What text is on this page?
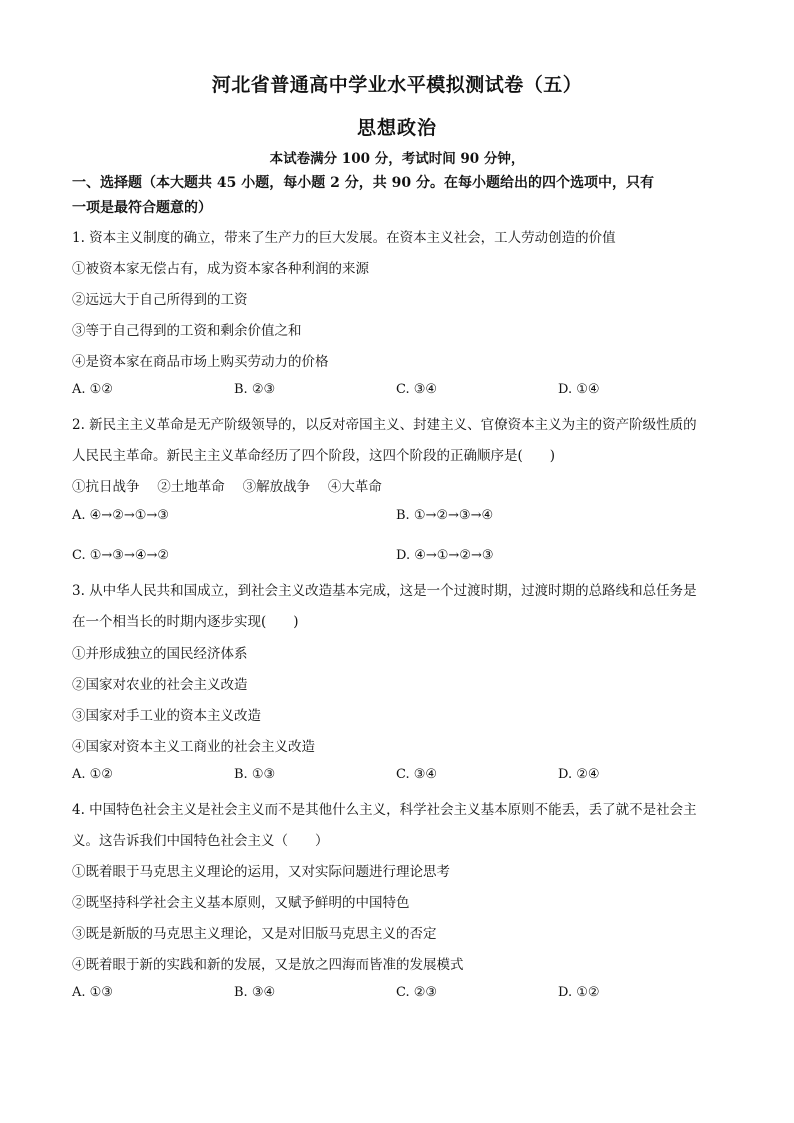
河北省普通高中学业水平模拟测试卷（五）
思想政治
本试卷满分 100 分，考试时间 90 分钟，
一、选择题（本大题共 45 小题，每小题 2 分，共 90 分。在每小题给出的四个选项中，只有
一项是最符合题意的）
1. 资本主义制度的确立，带来了生产力的巨大发展。在资本主义社会，工人劳动创造的价值
①被资本家无偿占有，成为资本家各种利润的来源
②远远大于自己所得到的工资
③等于自己得到的工资和剩余价值之和
④是资本家在商品市场上购买劳动力的价格
A. ①②	B. ②③	C. ③④	D. ①④
2. 新民主主义革命是无产阶级领导的，以反对帝国主义、封建主义、官僚资本主义为主的资产阶级性质的
人民民主革命。新民主主义革命经历了四个阶段，这四个阶段的正确顺序是(　　)
①抗日战争　 ②土地革命　 ③解放战争　 ④大革命
A. ④→②→①→③	B. ①→②→③→④
C. ①→③→④→②	D. ④→①→②→③
3. 从中华人民共和国成立，到社会主义改造基本完成，这是一个过渡时期，过渡时期的总路线和总任务是
在一个相当长的时期内逐步实现(　　)
①并形成独立的国民经济体系
②国家对农业的社会主义改造
③国家对手工业的资本主义改造
④国家对资本主义工商业的社会主义改造
A. ①②	B. ①③	C. ③④	D. ②④
4. 中国特色社会主义是社会主义而不是其他什么主义，科学社会主义基本原则不能丢，丢了就不是社会主
义。这告诉我们中国特色社会主义（　　）
①既着眼于马克思主义理论的运用，又对实际问题进行理论思考
②既坚持科学社会主义基本原则，又赋予鲜明的中国特色
③既是新版的马克思主义理论，又是对旧版马克思主义的否定
④既着眼于新的实践和新的发展，又是放之四海而皆准的发展模式
A. ①③	B. ③④	C. ②③	D. ①②
